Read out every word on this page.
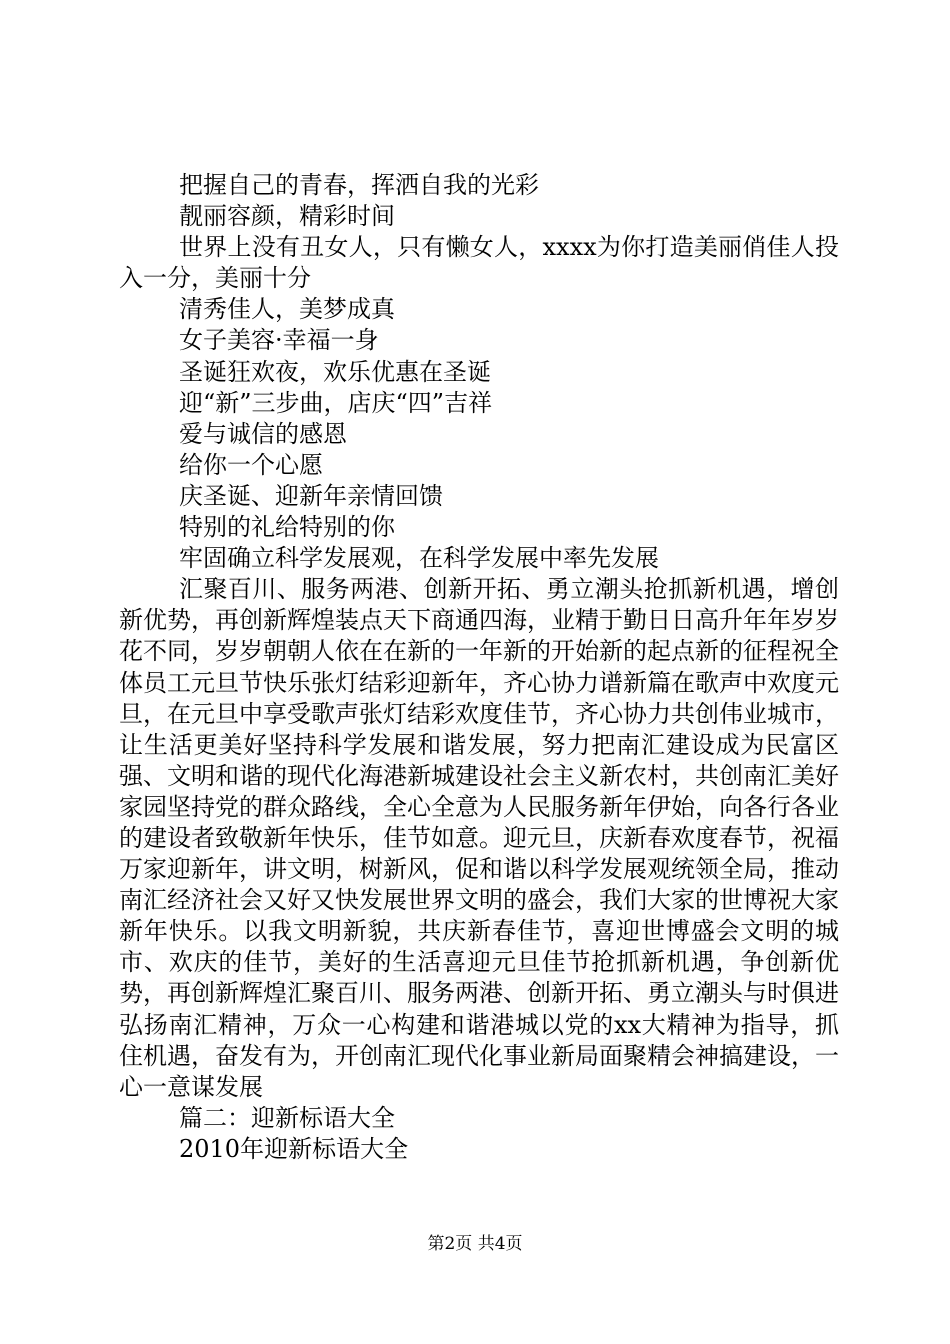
把握自己的青春，挥洒自我的光彩

靓丽容颜，精彩时间

世界上没有丑女人，只有懒女人，xxxx为你打造美丽俏佳人投入一分，美丽十分

清秀佳人，美梦成真

女子美容·幸福一身

圣诞狂欢夜，欢乐优惠在圣诞

迎“新”三步曲，店庆“四”吉祥

爱与诚信的感恩

给你一个心愿

庆圣诞、迎新年亲情回馈

特别的礼给特别的你

牢固确立科学发展观，在科学发展中率先发展

汇聚百川、服务两港、创新开拓、勇立潮头抢抓新机遇，增创新优势，再创新辉煌装点天下商通四海，业精于勤日日高升年年岁岁花不同，岁岁朝朝人依在在新的一年新的开始新的起点新的征程祝全体员工元旦节快乐张灯结彩迎新年，齐心协力谱新篇在歌声中欢度元旦，在元旦中享受歌声张灯结彩欢度佳节，齐心协力共创伟业城市，让生活更美好坚持科学发展和谐发展，努力把南汇建设成为民富区强、文明和谐的现代化海港新城建设社会主义新农村，共创南汇美好家园坚持党的群众路线，全心全意为人民服务新年伊始，向各行各业的建设者致敬新年快乐，佳节如意。迎元旦，庆新春欢度春节，祝福万家迎新年，讲文明，树新风，促和谐以科学发展观统领全局，推动南汇经济社会又好又快发展世界文明的盛会，我们大家的世博祝大家新年快乐。以我文明新貌，共庆新春佳节，喜迎世博盛会文明的城市、欢庆的佳节，美好的生活喜迎元旦佳节抢抓新机遇，争创新优势，再创新辉煌汇聚百川、服务两港、创新开拓、勇立潮头与时俱进弘扬南汇精神，万众一心构建和谐港城以党的xx大精神为指导，抓住机遇，奋发有为，开创南汇现代化事业新局面聚精会神搞建设，一心一意谋发展

篇二：迎新标语大全

2010年迎新标语大全

第2页 共4页
